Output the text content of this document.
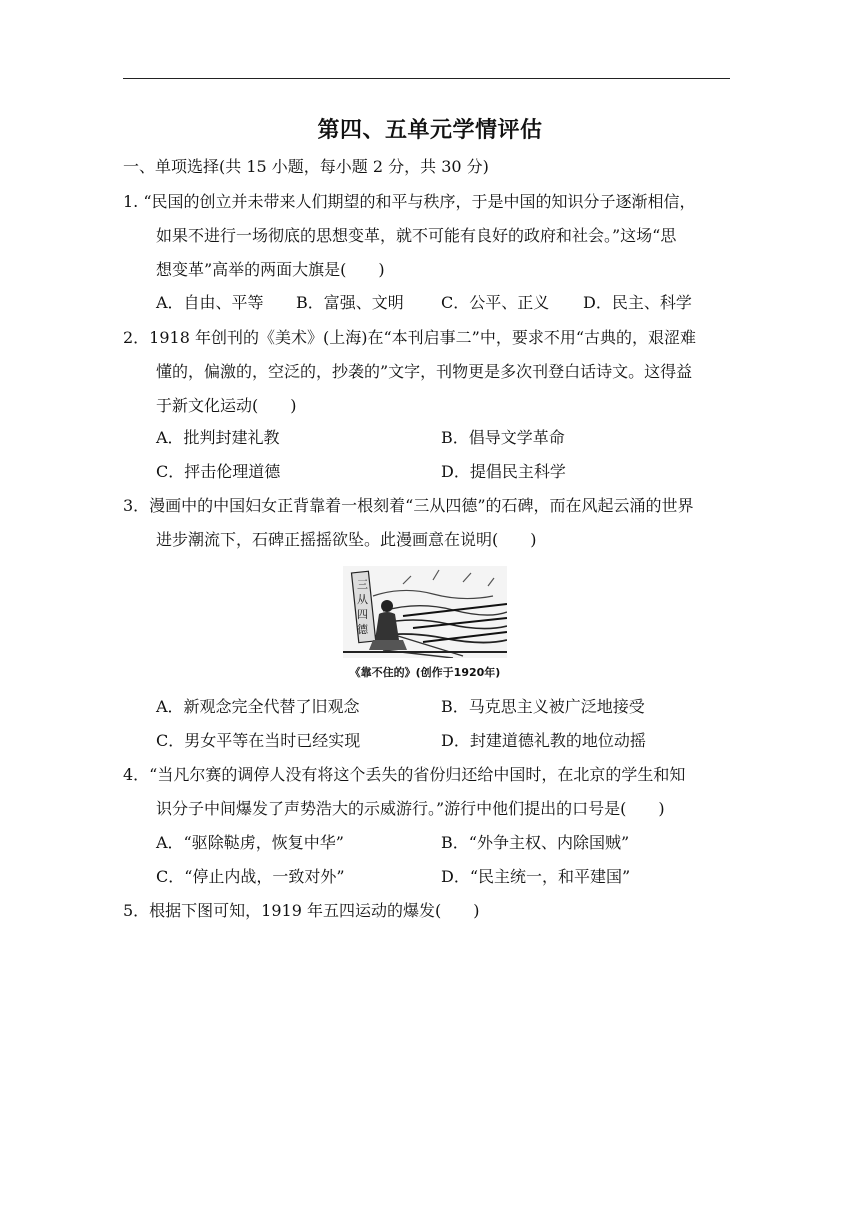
第四、五单元学情评估
一、单项选择(共 15 小题，每小题 2 分，共 30 分)
1. “民国的创立并未带来人们期望的和平与秩序，于是中国的知识分子逐渐相信，
如果不进行一场彻底的思想变革，就不可能有良好的政府和社会。”这场“思
想变革”高举的两面大旗是(　　)
A．自由、平等 B．富强、文明 C．公平、正义 D．民主、科学
2．1918 年创刊的《美术》(上海)在“本刊启事二”中，要求不用“古典的，艰涩难
懂的，偏激的，空泛的，抄袭的”文字，刊物更是多次刊登白话诗文。这得益
于新文化运动(　　)
A．批判封建礼教	B．倡导文学革命
C．抨击伦理道德	D．提倡民主科学
3．漫画中的中国妇女正背靠着一根刻着“三从四德”的石碑，而在风起云涌的世界
进步潮流下，石碑正摇摇欲坠。此漫画意在说明(　　)
三
从
四
德
《靠不住的》(创作于1920年)
A．新观念完全代替了旧观念	B．马克思主义被广泛地接受
C．男女平等在当时已经实现	D．封建道德礼教的地位动摇
4．“当凡尔赛的调停人没有将这个丢失的省份归还给中国时，在北京的学生和知
识分子中间爆发了声势浩大的示威游行。”游行中他们提出的口号是(　　)
A．“驱除鞑虏，恢复中华”	B．“外争主权、内除国贼”
C．“停止内战，一致对外”	D．“民主统一，和平建国”
5．根据下图可知，1919 年五四运动的爆发(　　)
